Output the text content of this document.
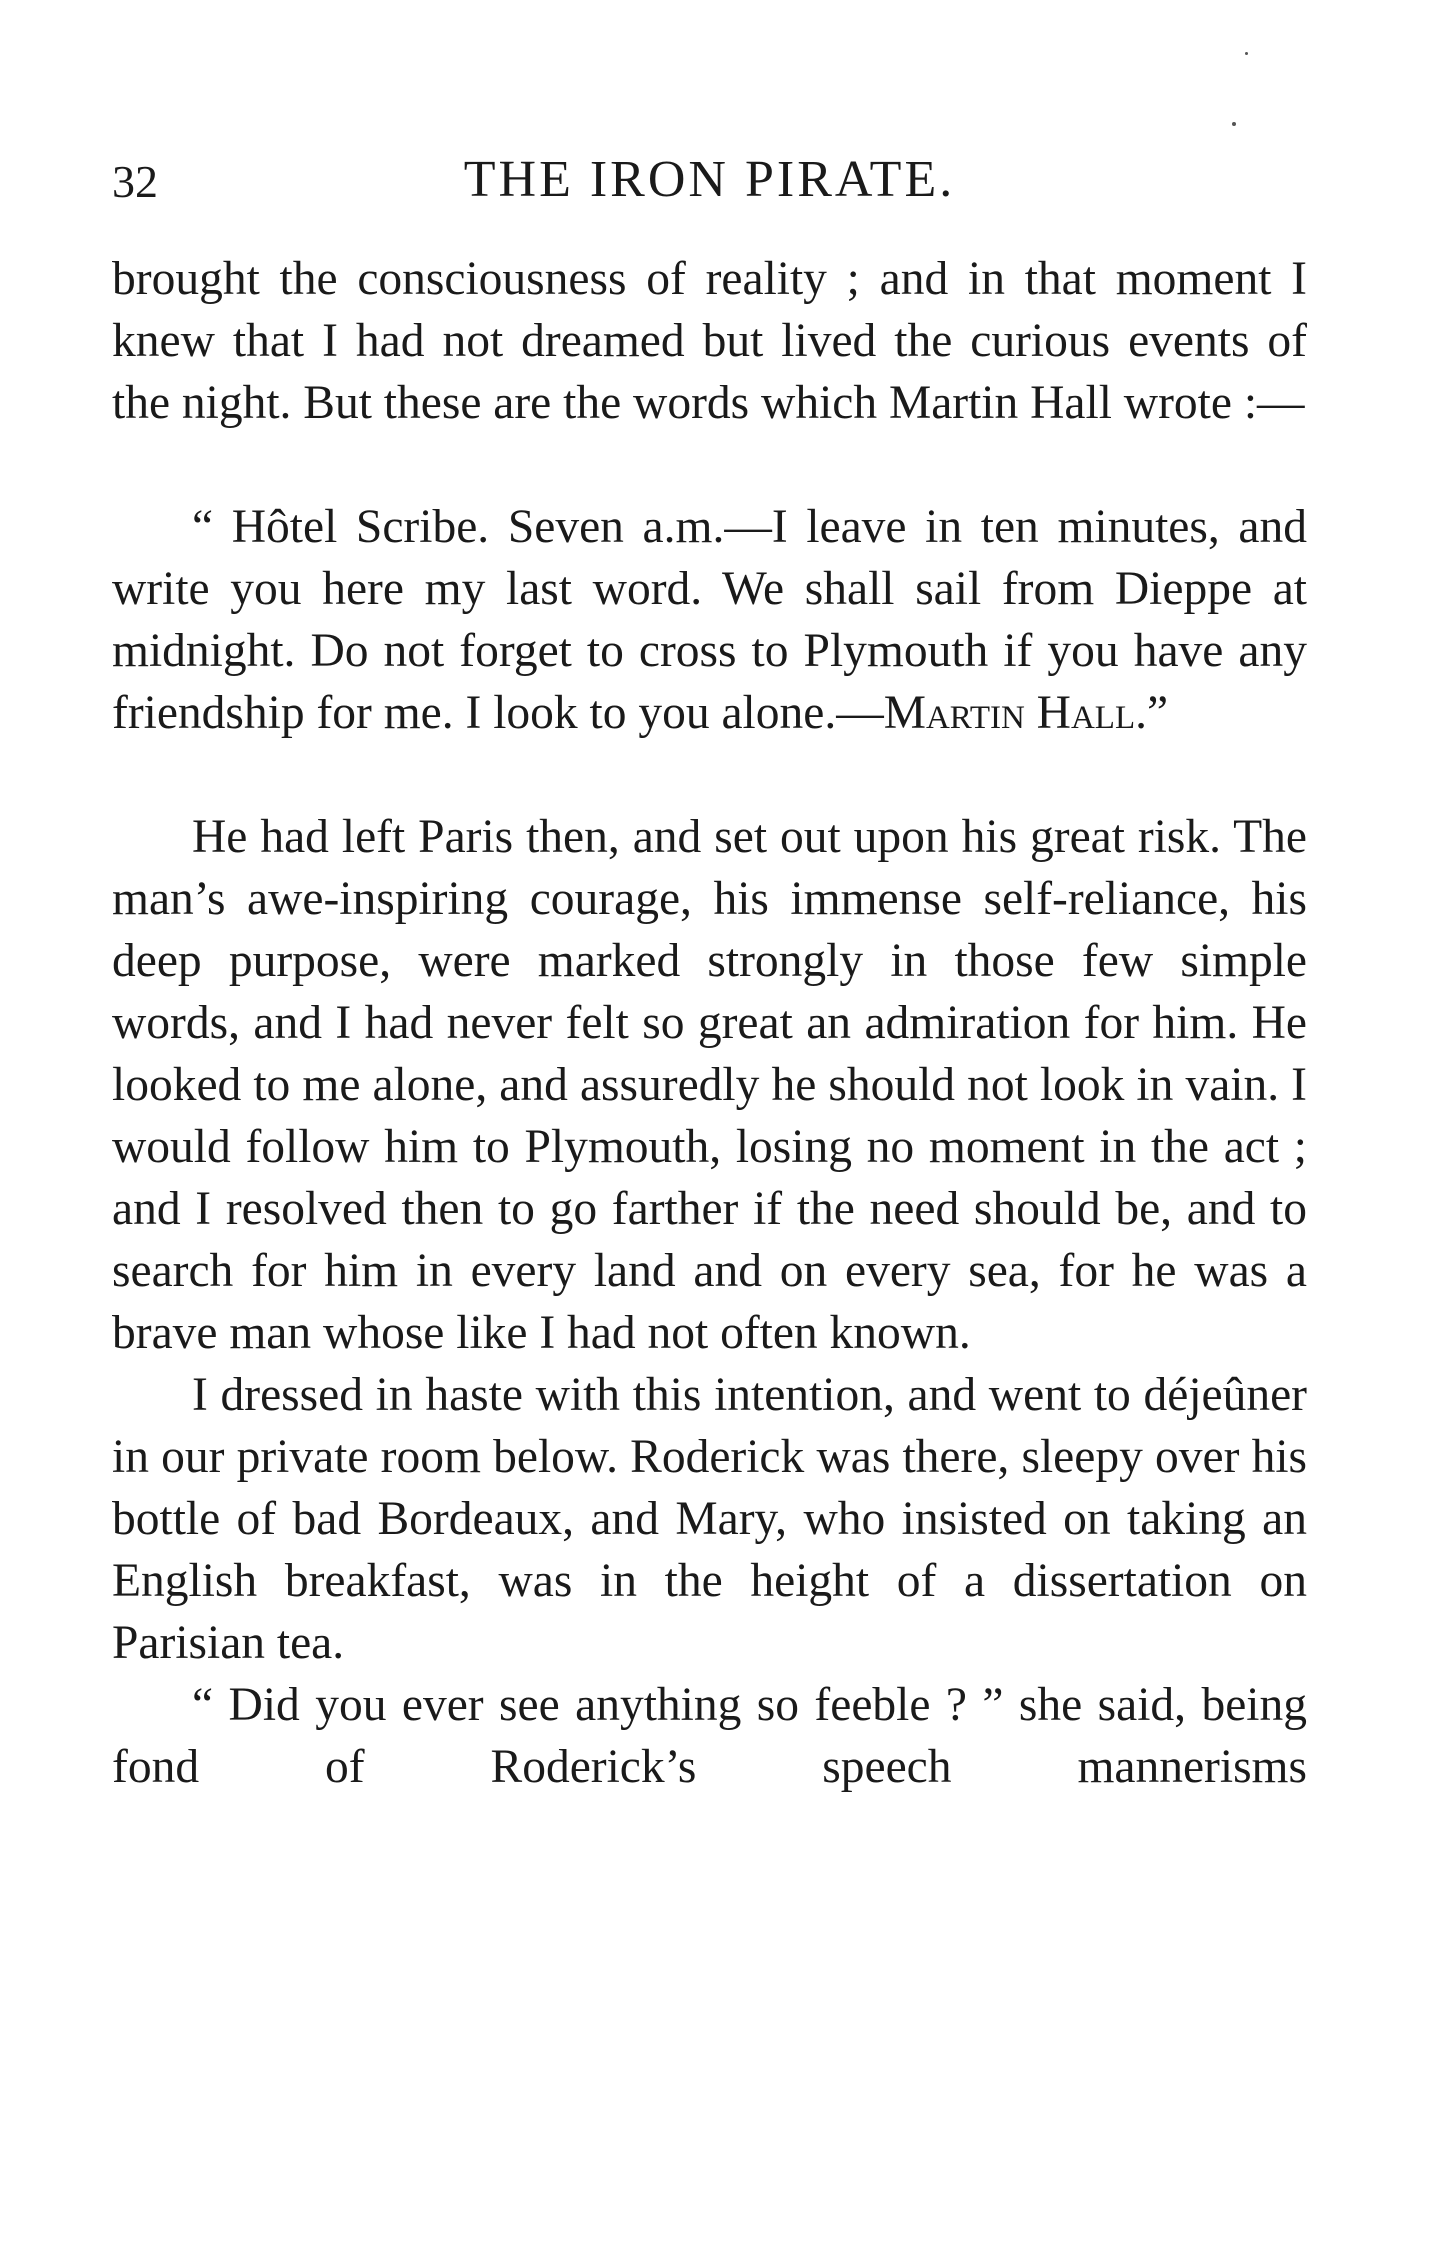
32	THE IRON PIRATE.

brought the consciousness of reality ; and in that moment I knew that I had not dreamed but lived the curious events of the night. But these are the words which Martin Hall wrote :—

“ Hôtel Scribe. Seven a.m.—I leave in ten minutes, and write you here my last word. We shall sail from Dieppe at midnight. Do not forget to cross to Plymouth if you have any friendship for me. I look to you alone.—Martin Hall.”

He had left Paris then, and set out upon his great risk. The man’s awe-inspiring courage, his immense self-reliance, his deep purpose, were marked strongly in those few simple words, and I had never felt so great an admiration for him. He looked to me alone, and assuredly he should not look in vain. I would follow him to Plymouth, losing no moment in the act ; and I resolved then to go farther if the need should be, and to search for him in every land and on every sea, for he was a brave man whose like I had not often known.

I dressed in haste with this intention, and went to déjeûner in our private room below. Roderick was there, sleepy over his bottle of bad Bordeaux, and Mary, who insisted on taking an English breakfast, was in the height of a dissertation on Parisian tea.

“ Did you ever see anything so feeble ? ” she said, being fond of Roderick’s speech mannerisms
